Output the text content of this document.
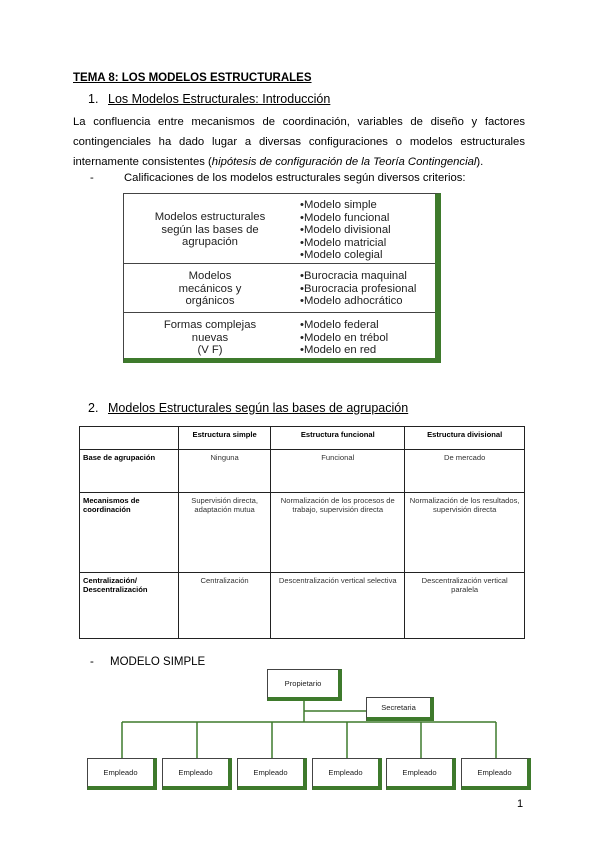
TEMA 8: LOS MODELOS ESTRUCTURALES
1. Los Modelos Estructurales: Introducción
La confluencia entre mecanismos de coordinación, variables de diseño y factores contingenciales ha dado lugar a diversas configuraciones o modelos estructurales internamente consistentes (hipótesis de configuración de la Teoría Contingencial).
-	Calificaciones de los modelos estructurales según diversos criterios:
Modelos estructurales
según las bases de
agrupación
•Modelo simple
•Modelo funcional
•Modelo divisional
•Modelo matricial
•Modelo colegial
Modelos
mecánicos y
orgánicos
•Burocracia maquinal
•Burocracia profesional
•Modelo adhocrático
Formas complejas
nuevas
(V F)
•Modelo federal
•Modelo en trébol
•Modelo en red
2. Modelos Estructurales según las bases de agrupación
	Estructura simple	Estructura funcional	Estructura divisional
Base de agrupación	Ninguna	Funcional	De mercado
Mecanismos de coordinación	Supervisión directa, adaptación mutua	Normalización de los procesos de trabajo, supervisión directa	Normalización de los resultados, supervisión directa
Centralización/ Descentralización	Centralización	Descentralización vertical selectiva	Descentralización vertical paralela
- MODELO SIMPLE
Propietario
Secretaria
Empleado	Empleado	Empleado	Empleado	Empleado	Empleado
1
